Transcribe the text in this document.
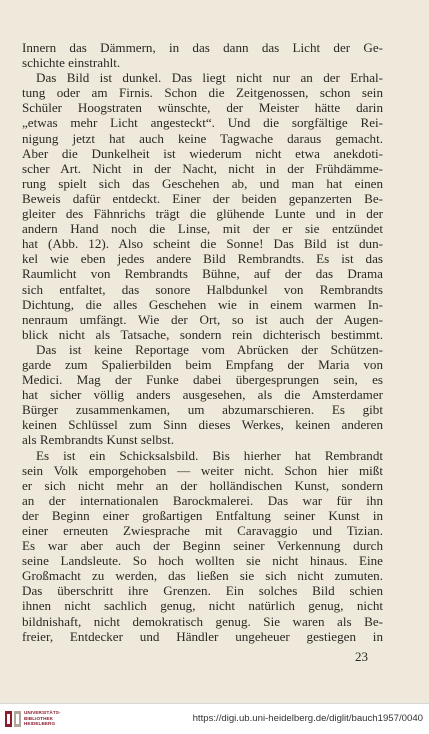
Innern das Dämmern, in das dann das Licht der Ge-
schichte einstrahlt.
Das Bild ist dunkel. Das liegt nicht nur an der Erhal-
tung oder am Firnis. Schon die Zeitgenossen, schon sein
Schüler Hoogstraten wünschte, der Meister hätte darin
„etwas mehr Licht angesteckt“. Und die sorgfältige Rei-
nigung jetzt hat auch keine Tagwache daraus gemacht.
Aber die Dunkelheit ist wiederum nicht etwa anekdoti-
scher Art. Nicht in der Nacht, nicht in der Frühdämme-
rung spielt sich das Geschehen ab, und man hat einen
Beweis dafür entdeckt. Einer der beiden gepanzerten Be-
gleiter des Fähnrichs trägt die glühende Lunte und in der
andern Hand noch die Linse, mit der er sie entzündet
hat (Abb. 12). Also scheint die Sonne! Das Bild ist dun-
kel wie eben jedes andere Bild Rembrandts. Es ist das
Raumlicht von Rembrandts Bühne, auf der das Drama
sich entfaltet, das sonore Halbdunkel von Rembrandts
Dichtung, die alles Geschehen wie in einem warmen In-
nenraum umfängt. Wie der Ort, so ist auch der Augen-
blick nicht als Tatsache, sondern rein dichterisch bestimmt.
Das ist keine Reportage vom Abrücken der Schützen-
garde zum Spalierbilden beim Empfang der Maria von
Medici. Mag der Funke dabei übergesprungen sein, es
hat sicher völlig anders ausgesehen, als die Amsterdamer
Bürger zusammenkamen, um abzumarschieren. Es gibt
keinen Schlüssel zum Sinn dieses Werkes, keinen anderen
als Rembrandts Kunst selbst.
Es ist ein Schicksalsbild. Bis hierher hat Rembrandt
sein Volk emporgehoben — weiter nicht. Schon hier mißt
er sich nicht mehr an der holländischen Kunst, sondern
an der internationalen Barockmalerei. Das war für ihn
der Beginn einer großartigen Entfaltung seiner Kunst in
einer erneuten Zwiesprache mit Caravaggio und Tizian.
Es war aber auch der Beginn seiner Verkennung durch
seine Landsleute. So hoch wollten sie nicht hinaus. Eine
Großmacht zu werden, das ließen sie sich nicht zumuten.
Das überschritt ihre Grenzen. Ein solches Bild schien
ihnen nicht sachlich genug, nicht natürlich genug, nicht
bildnishaft, nicht demokratisch genug. Sie waren als Be-
freier, Entdecker und Händler ungeheuer gestiegen in
23
UNIVERSITÄTS-
BIBLIOTHEK
HEIDELBERG	https://digi.ub.uni-heidelberg.de/diglit/bauch1957/0040
